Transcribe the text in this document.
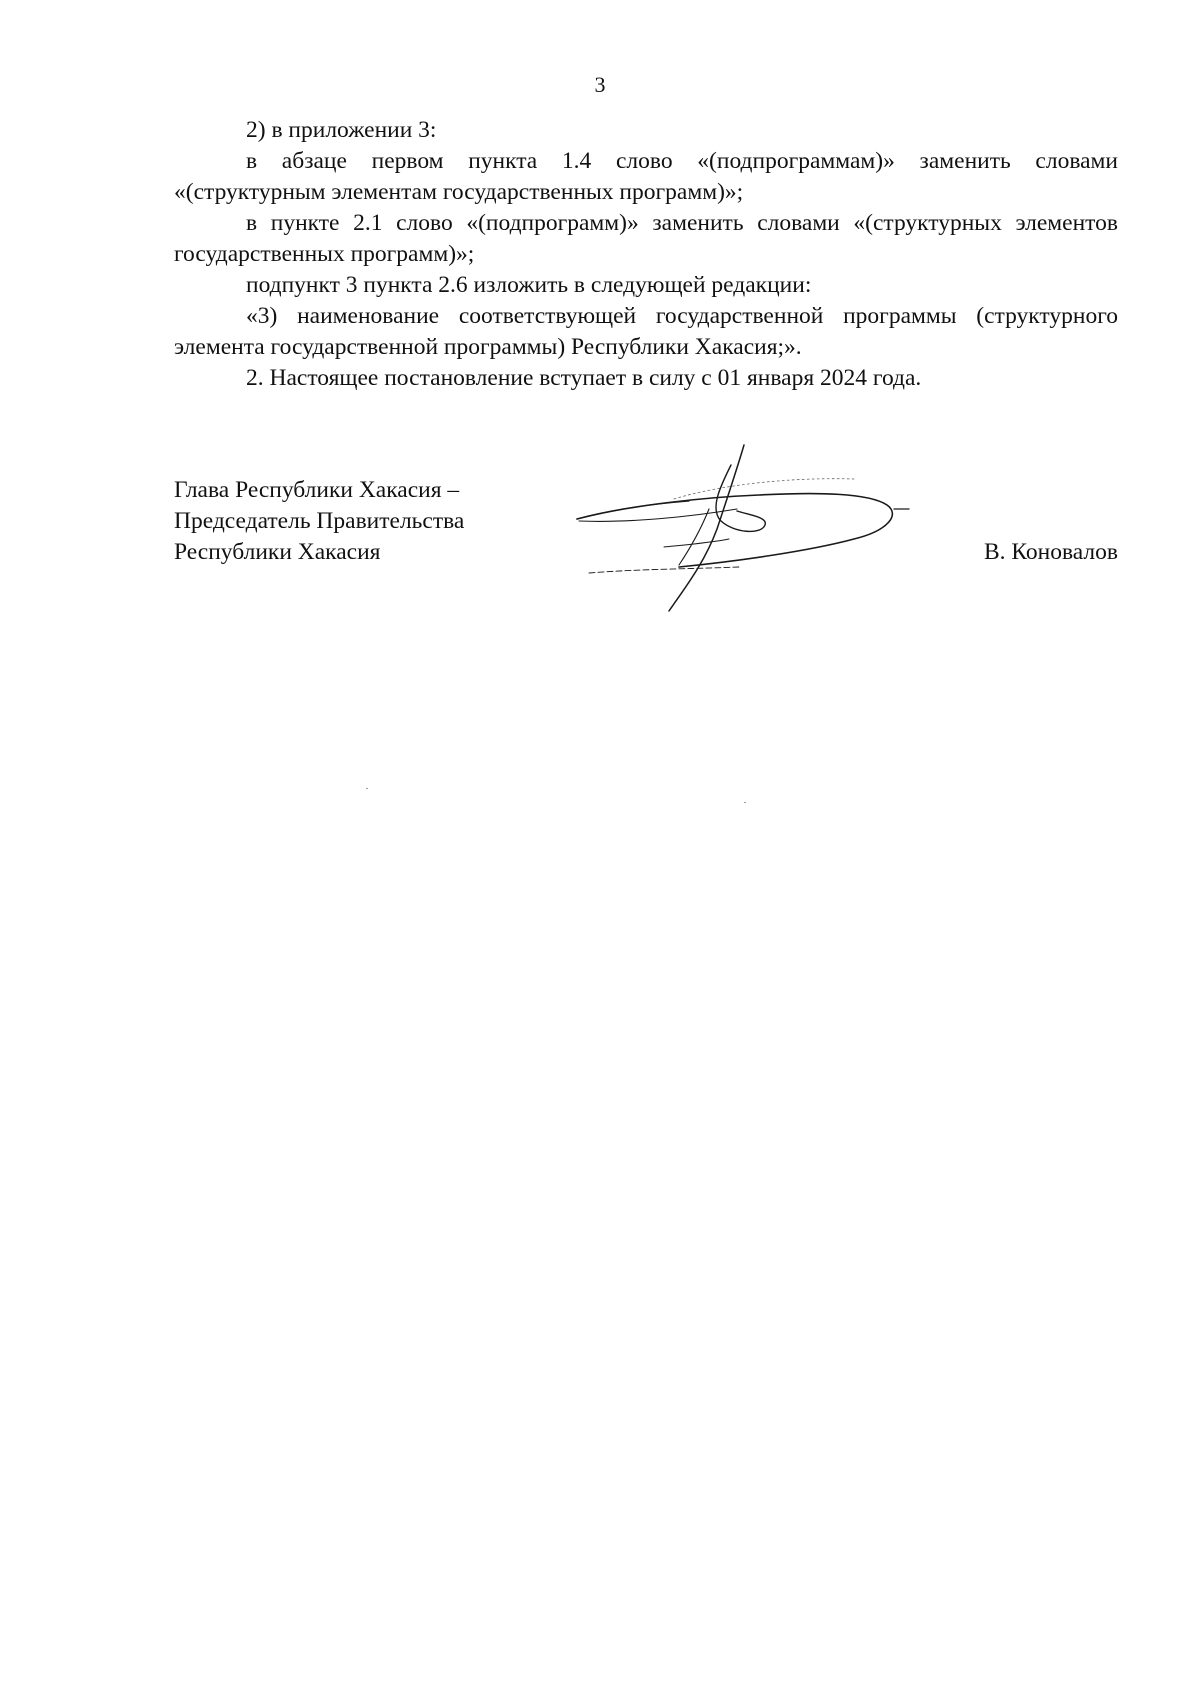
3

2) в приложении 3:

в абзаце первом пункта 1.4 слово «(подпрограммам)» заменить словами «(структурным элементам государственных программ)»;

в пункте 2.1 слово «(подпрограмм)» заменить словами «(структурных элементов государственных программ)»;

подпункт 3 пункта 2.6 изложить в следующей редакции:

«3) наименование соответствующей государственной программы (структурного элемента государственной программы) Республики Хакасия;».

2. Настоящее постановление вступает в силу с 01 января 2024 года.

Глава Республики Хакасия –
Председатель Правительства
Республики Хакасия	В. Коновалов
